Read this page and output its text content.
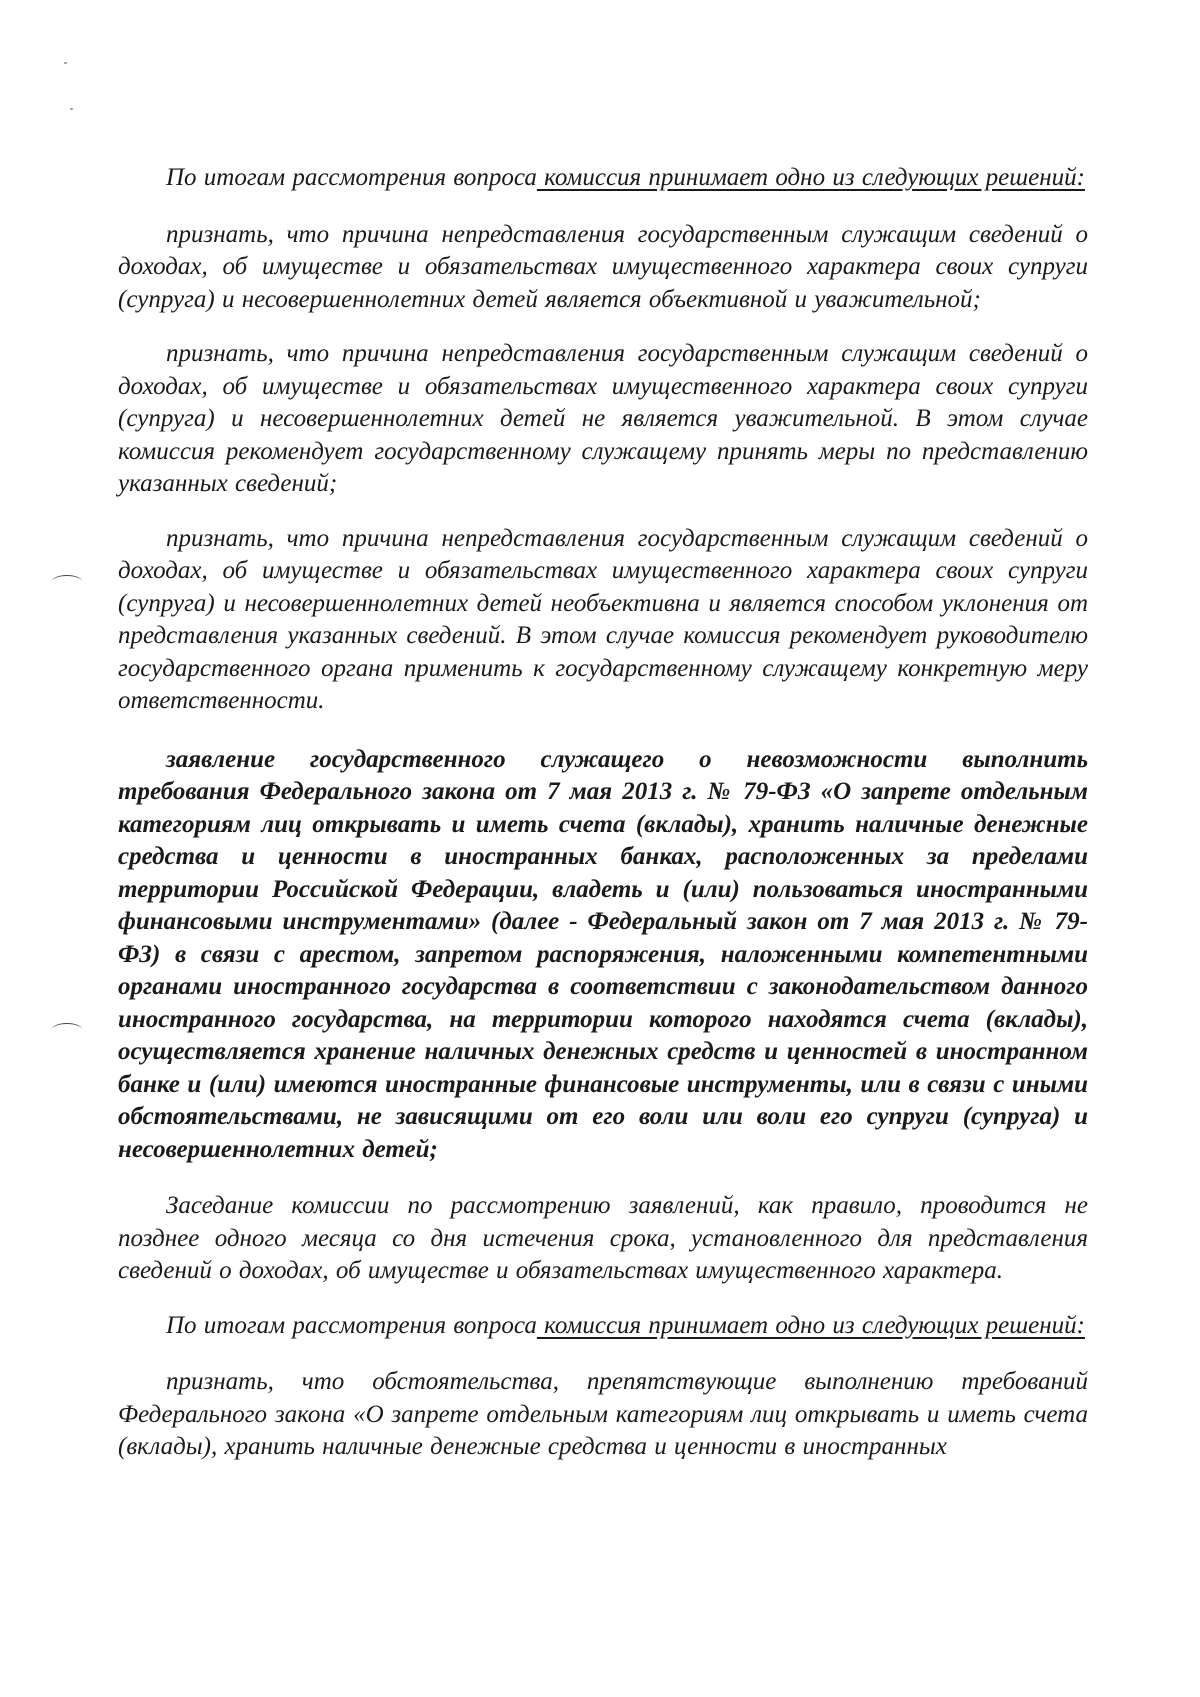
По итогам рассмотрения вопроса комиссия принимает одно из следующих решений:

признать, что причина непредставления государственным служащим сведений о доходах, об имуществе и обязательствах имущественного характера своих супруги (супруга) и несовершеннолетних детей является объективной и уважительной;

признать, что причина непредставления государственным служащим сведений о доходах, об имуществе и обязательствах имущественного характера своих супруги (супруга) и несовершеннолетних детей не является уважительной. В этом случае комиссия рекомендует государственному служащему принять меры по представлению указанных сведений;

признать, что причина непредставления государственным служащим сведений о доходах, об имуществе и обязательствах имущественного характера своих супруги (супруга) и несовершеннолетних детей необъективна и является способом уклонения от представления указанных сведений. В этом случае комиссия рекомендует руководителю государственного органа применить к государственному служащему конкретную меру ответственности.

заявление государственного служащего о невозможности выполнить требования Федерального закона от 7 мая 2013 г. № 79-ФЗ «О запрете отдельным категориям лиц открывать и иметь счета (вклады), хранить наличные денежные средства и ценности в иностранных банках, расположенных за пределами территории Российской Федерации, владеть и (или) пользоваться иностранными финансовыми инструментами» (далее - Федеральный закон от 7 мая 2013 г. № 79-ФЗ) в связи с арестом, запретом распоряжения, наложенными компетентными органами иностранного государства в соответствии с законодательством данного иностранного государства, на территории которого находятся счета (вклады), осуществляется хранение наличных денежных средств и ценностей в иностранном банке и (или) имеются иностранные финансовые инструменты, или в связи с иными обстоятельствами, не зависящими от его воли или воли его супруги (супруга) и несовершеннолетних детей;

Заседание комиссии по рассмотрению заявлений, как правило, проводится не позднее одного месяца со дня истечения срока, установленного для представления сведений о доходах, об имуществе и обязательствах имущественного характера.

По итогам рассмотрения вопроса комиссия принимает одно из следующих решений:

признать, что обстоятельства, препятствующие выполнению требований Федерального закона «О запрете отдельным категориям лиц открывать и иметь счета (вклады), хранить наличные денежные средства и ценности в иностранных
